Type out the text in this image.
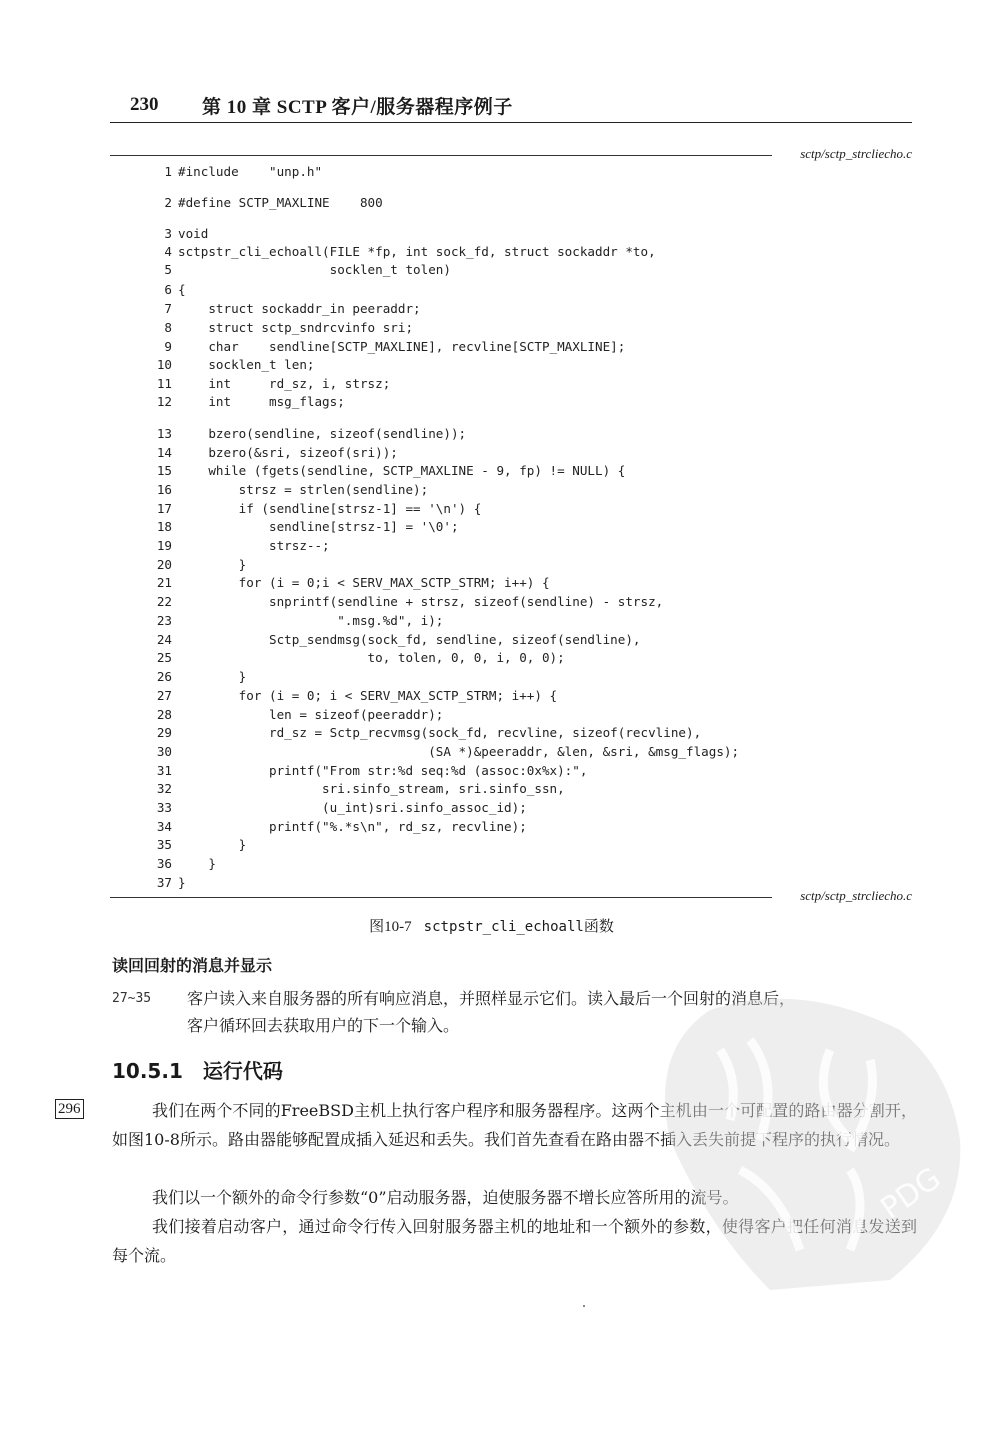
230 第 10 章 SCTP 客户/服务器程序例子
sctp/sctp_strcliecho.c
1 #include    "unp.h"
2 #define SCTP_MAXLINE    800
3 void
4 sctpstr_cli_echoall(FILE *fp, int sock_fd, struct sockaddr *to,
5                    socklen_t tolen)
6 {
7    struct sockaddr_in peeraddr;
8    struct sctp_sndrcvinfo sri;
9    char    sendline[SCTP_MAXLINE], recvline[SCTP_MAXLINE];
10    socklen_t len;
11    int     rd_sz, i, strsz;
12    int     msg_flags;
13    bzero(sendline, sizeof(sendline));
14    bzero(&sri, sizeof(sri));
15    while (fgets(sendline, SCTP_MAXLINE - 9, fp) != NULL) {
16        strsz = strlen(sendline);
17        if (sendline[strsz-1] == '\n') {
18            sendline[strsz-1] = '\0';
19            strsz--;
20        }
21        for (i = 0;i < SERV_MAX_SCTP_STRM; i++) {
22            snprintf(sendline + strsz, sizeof(sendline) - strsz,
23                     ".msg.%d", i);
24            Sctp_sendmsg(sock_fd, sendline, sizeof(sendline),
25                         to, tolen, 0, 0, i, 0, 0);
26        }
27        for (i = 0; i < SERV_MAX_SCTP_STRM; i++) {
28            len = sizeof(peeraddr);
29            rd_sz = Sctp_recvmsg(sock_fd, recvline, sizeof(recvline),
30                                 (SA *)&peeraddr, &len, &sri, &msg_flags);
31            printf("From str:%d seq:%d (assoc:0x%x):",
32                   sri.sinfo_stream, sri.sinfo_ssn,
33                   (u_int)sri.sinfo_assoc_id);
34            printf("%.*s\n", rd_sz, recvline);
35        }
36    }
37 }
sctp/sctp_strcliecho.c
图10-7 sctpstr_cli_echoall函数
读回回射的消息并显示
27~35 客户读入来自服务器的所有响应消息，并照样显示它们。读入最后一个回射的消息后，
客户循环回去获取用户的下一个输入。
10.5.1 运行代码
296	我们在两个不同的FreeBSD主机上执行客户程序和服务器程序。这两个主机由一个可配置的路由器分割开，如图10-8所示。路由器能够配置成插入延迟和丢失。我们首先查看在路由器不插入丢失前提下程序的执行情况。
我们以一个额外的命令行参数“0”启动服务器，迫使服务器不增长应答所用的流号。
我们接着启动客户，通过命令行传入回射服务器主机的地址和一个额外的参数，使得客户把任何消息发送到每个流。
PDG
